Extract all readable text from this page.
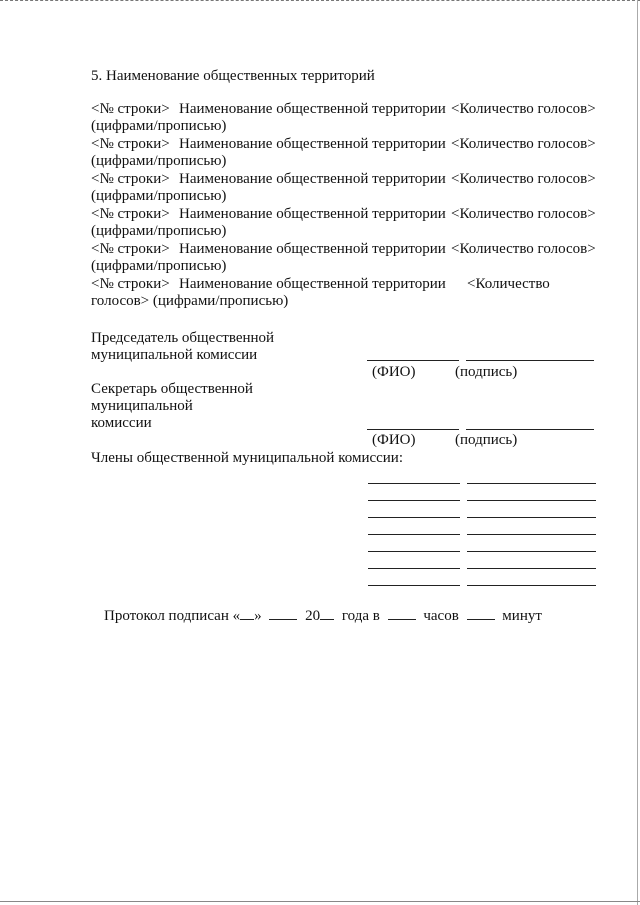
5. Наименование общественных территорий
<№ строки> Наименование общественной территории <Количество голосов>
(цифрами/прописью)
<№ строки> Наименование общественной территории <Количество голосов>
(цифрами/прописью)
<№ строки> Наименование общественной территории <Количество голосов>
(цифрами/прописью)
<№ строки> Наименование общественной территории <Количество голосов>
(цифрами/прописью)
<№ строки> Наименование общественной территории <Количество голосов>
(цифрами/прописью)
<№ строки> Наименование общественной территории <Количество
голосов> (цифрами/прописью)
Председатель общественной
муниципальной комиссии
(ФИО)	(подпись)
Секретарь общественной
муниципальной
комиссии
(ФИО)	(подпись)
Члены общественной муниципальной комиссии:
Протокол подписан « »	20 года в	часов	минут
